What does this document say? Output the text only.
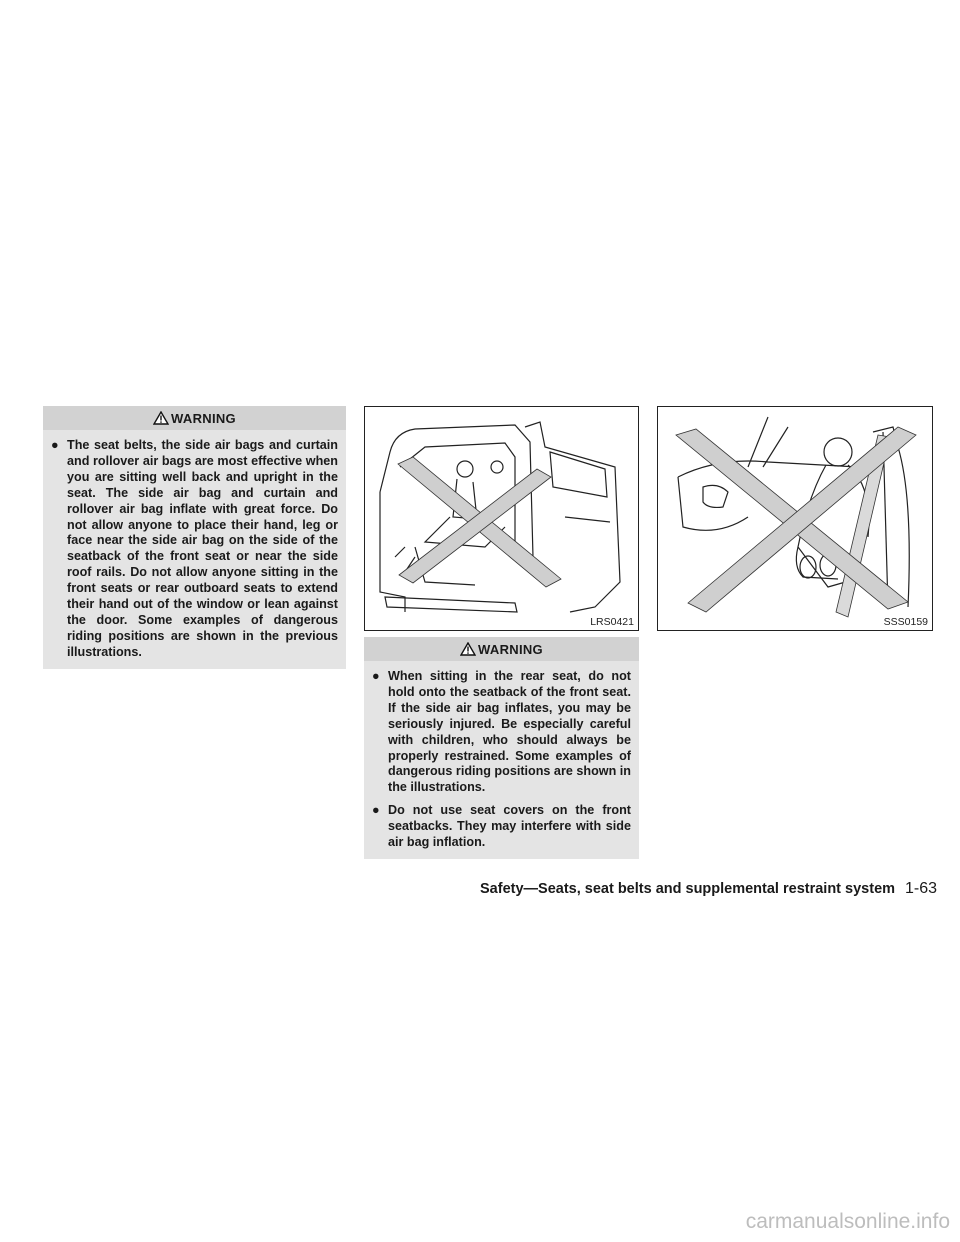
WARNING
● The seat belts, the side air bags and curtain and rollover air bags are most effective when you are sitting well back and upright in the seat. The side air bag and curtain and rollover air bag inflate with great force. Do not allow anyone to place their hand, leg or face near the side air bag on the side of the seatback of the front seat or near the side roof rails. Do not allow anyone sitting in the front seats or rear outboard seats to extend their hand out of the window or lean against the door. Some examples of dangerous riding positions are shown in the previous illustrations.
LRS0421	SSS0159
WARNING
● When sitting in the rear seat, do not hold onto the seatback of the front seat. If the side air bag inflates, you may be seriously injured. Be especially careful with children, who should always be properly restrained. Some examples of dangerous riding positions are shown in the illustrations.
● Do not use seat covers on the front seatbacks. They may interfere with side air bag inflation.
Safety—Seats, seat belts and supplemental restraint system 1-63
carmanualsonline.info
